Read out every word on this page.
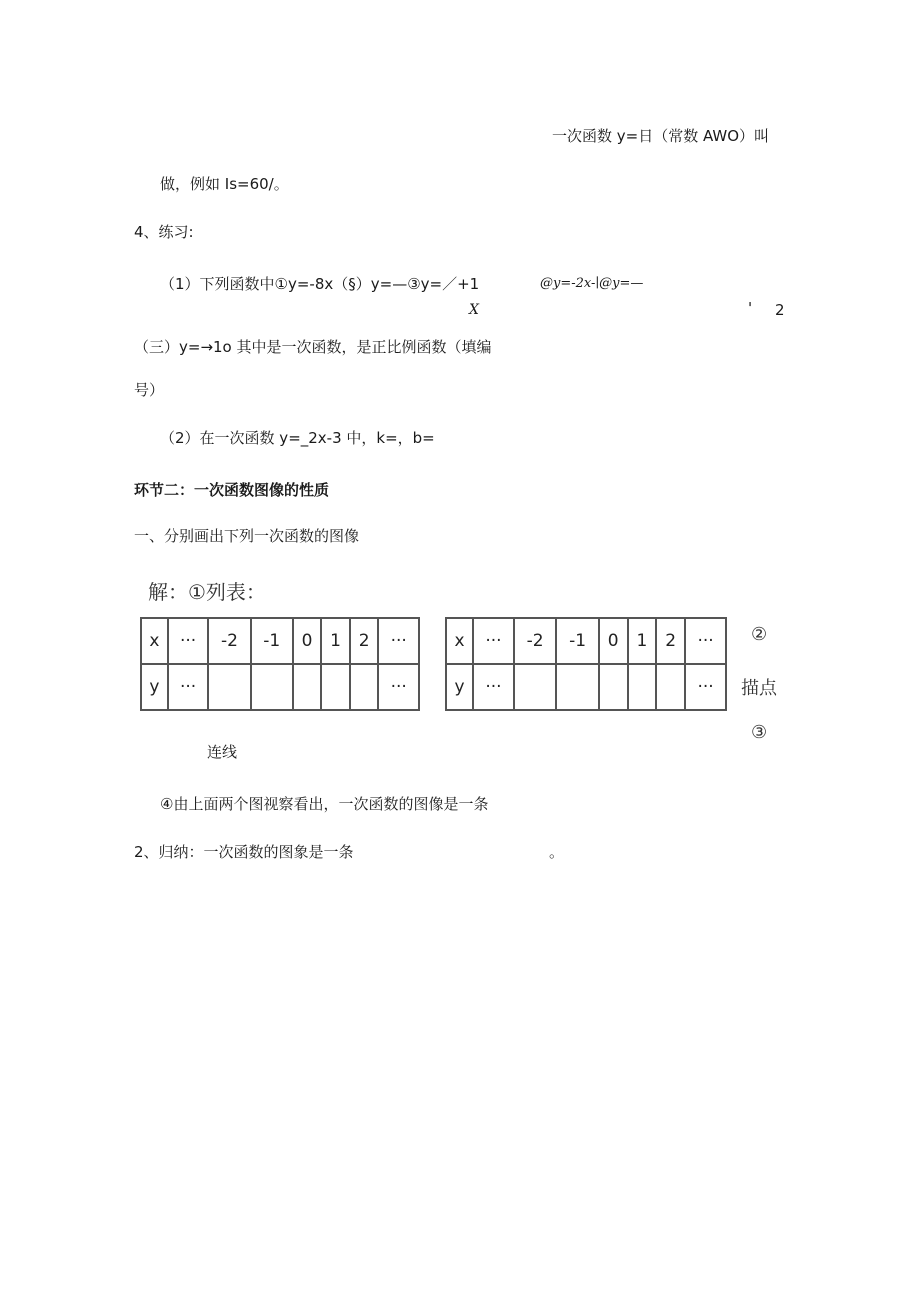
一次函数 y=日（常数 AWO）叫
做，例如 Is=60/。
4、练习:
（1）下列函数中①y=-8x（§）y=—③y=／+1	@y=-2x-∣@y=—
X	' 2
（三）y=→1o 其中是一次函数，是正比例函数（填编
号）
（2）在一次函数 y=_2x-3 中，k=，b=
环节二：一次函数图像的性质
一、分别画出下列一次函数的图像
解：①列表：
x	···	-2	-1	0	1	2	···
y	···						···
x	···	-2	-1	0	1	2	···
y	···						···
②
描点
③
连线
④由上面两个图视察看出，一次函数的图像是一条
2、归纳：一次函数的图象是一条	。
